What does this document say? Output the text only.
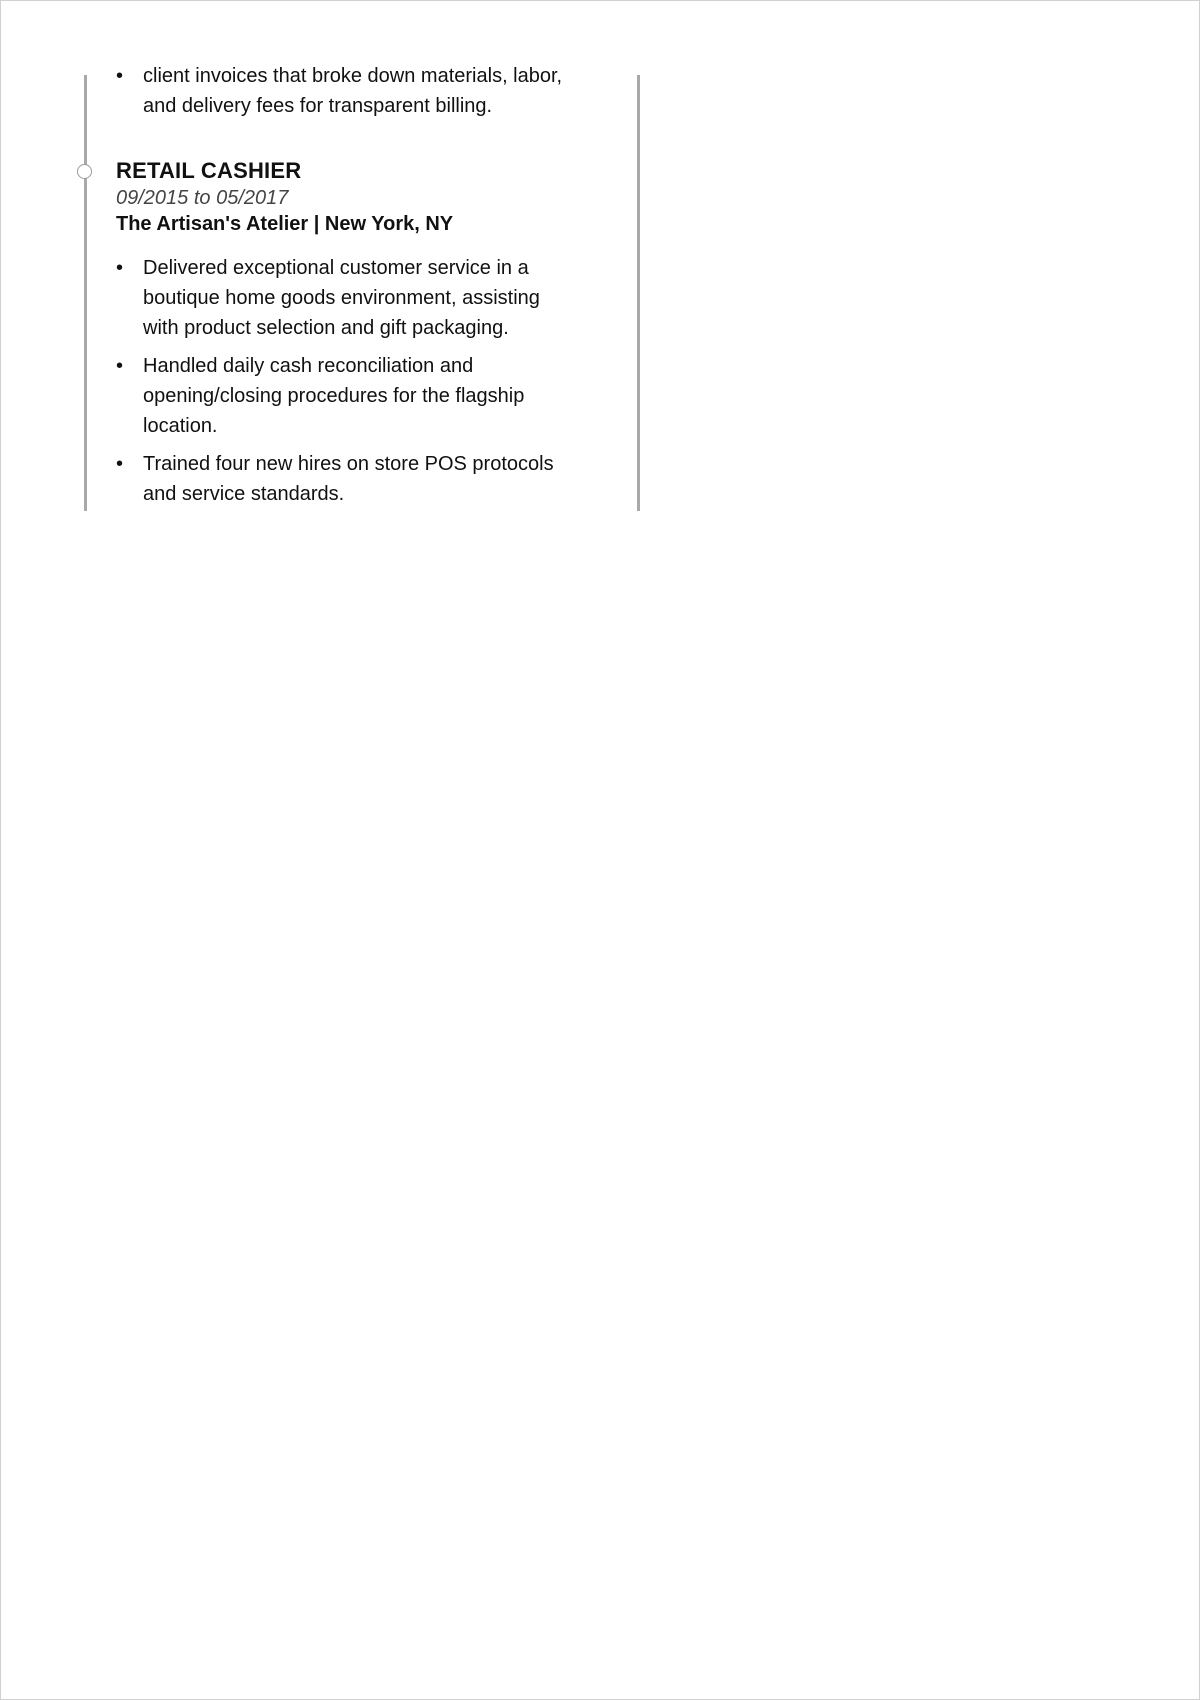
• client invoices that broke down materials, labor, and delivery fees for transparent billing.
RETAIL CASHIER
09/2015 to 05/2017
The Artisan's Atelier | New York, NY
• Delivered exceptional customer service in a boutique home goods environment, assisting with product selection and gift packaging.
• Handled daily cash reconciliation and opening/closing procedures for the flagship location.
• Trained four new hires on store POS protocols and service standards.
